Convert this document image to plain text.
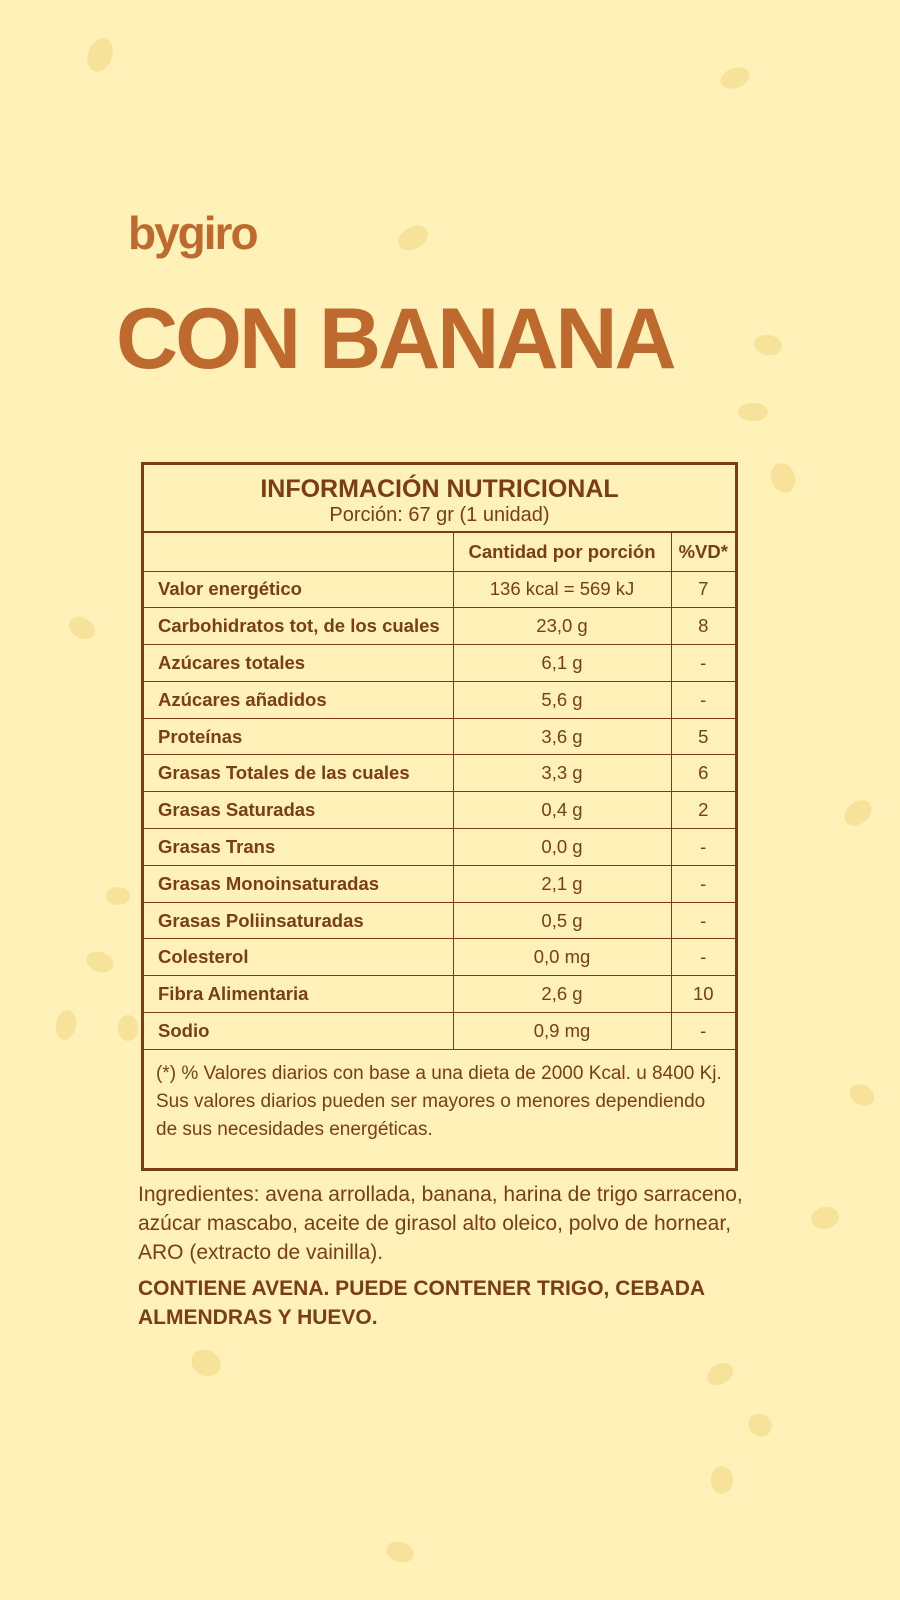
bygiro
CON BANANA
INFORMACIÓN NUTRICIONAL
Porción: 67 gr (1 unidad)
	Cantidad por porción	%VD*
Valor energético	136 kcal = 569 kJ	7
Carbohidratos tot, de los cuales	23,0 g	8
Azúcares totales	6,1 g	-
Azúcares añadidos	5,6 g	-
Proteínas	3,6 g	5
Grasas Totales de las cuales	3,3 g	6
Grasas Saturadas	0,4 g	2
Grasas Trans	0,0 g	-
Grasas Monoinsaturadas	2,1 g	-
Grasas Poliinsaturadas	0,5 g	-
Colesterol	0,0 mg	-
Fibra Alimentaria	2,6 g	10
Sodio	0,9 mg	-
(*) % Valores diarios con base a una dieta de 2000 Kcal. u 8400 Kj. Sus valores diarios pueden ser mayores o menores dependiendo de sus necesidades energéticas.
Ingredientes: avena arrollada, banana, harina de trigo sarraceno, azúcar mascabo, aceite de girasol alto oleico, polvo de hornear, ARO (extracto de vainilla).
CONTIENE AVENA. PUEDE CONTENER TRIGO, CEBADA ALMENDRAS Y HUEVO.
